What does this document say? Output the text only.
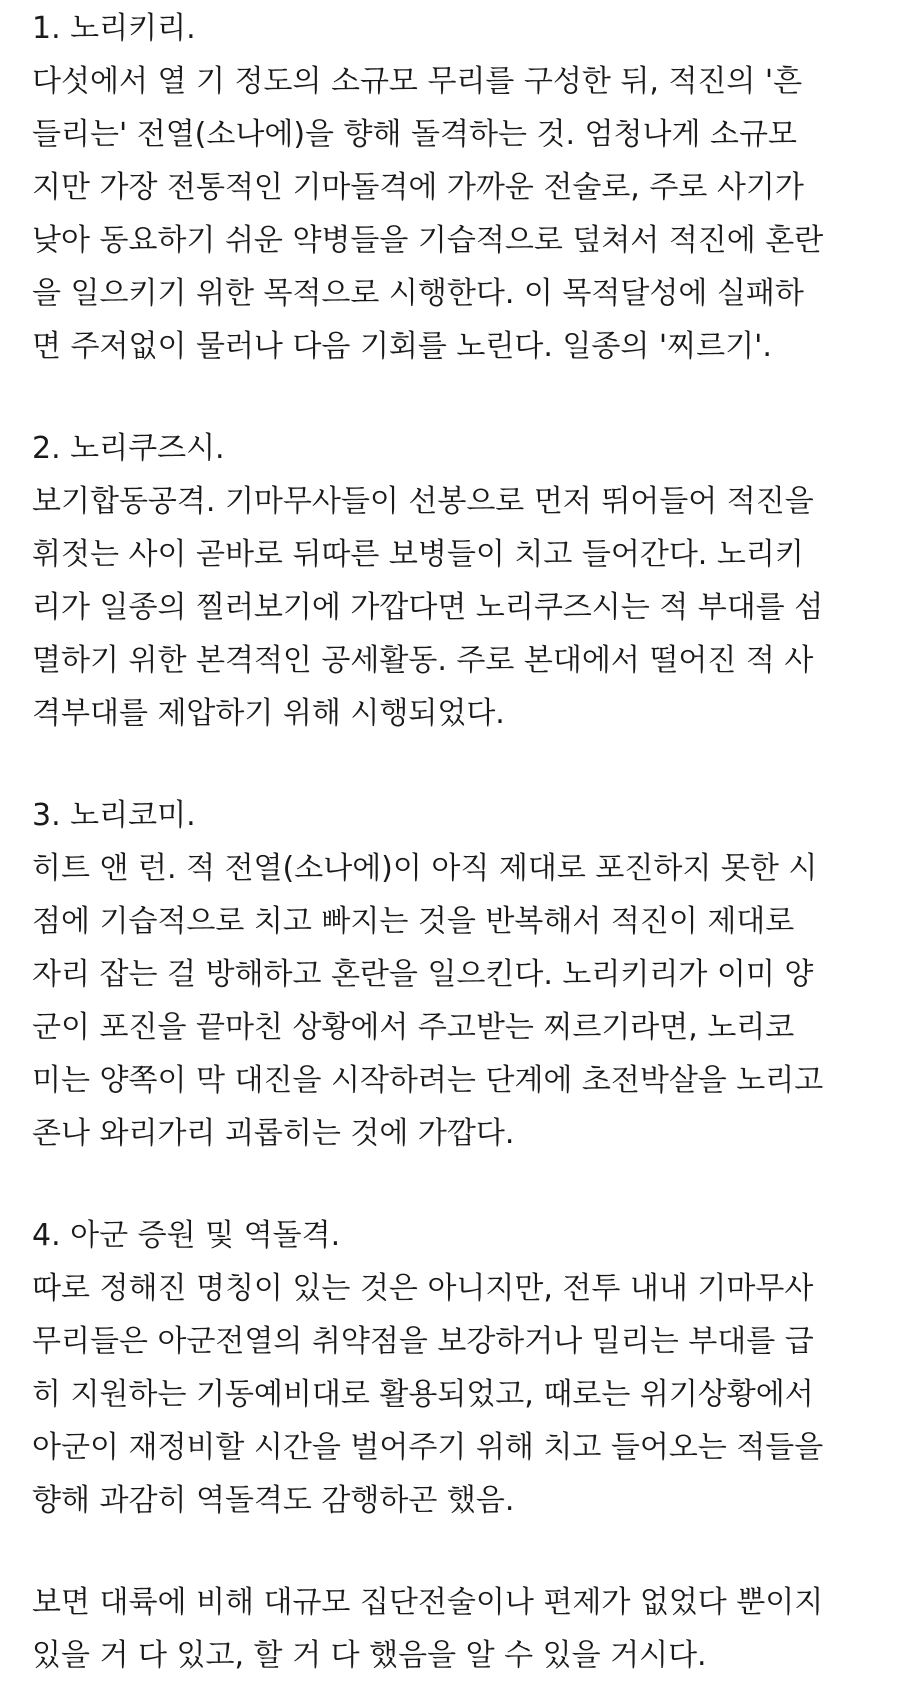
1. 노리키리.
다섯에서 열 기 정도의 소규모 무리를 구성한 뒤, 적진의 '흔
들리는' 전열(소나에)을 향해 돌격하는 것. 엄청나게 소규모
지만 가장 전통적인 기마돌격에 가까운 전술로, 주로 사기가
낮아 동요하기 쉬운 약병들을 기습적으로 덮쳐서 적진에 혼란
을 일으키기 위한 목적으로 시행한다. 이 목적달성에 실패하
면 주저없이 물러나 다음 기회를 노린다. 일종의 '찌르기'.
2. 노리쿠즈시.
보기합동공격. 기마무사들이 선봉으로 먼저 뛰어들어 적진을
휘젓는 사이 곧바로 뒤따른 보병들이 치고 들어간다. 노리키
리가 일종의 찔러보기에 가깝다면 노리쿠즈시는 적 부대를 섬
멸하기 위한 본격적인 공세활동. 주로 본대에서 떨어진 적 사
격부대를 제압하기 위해 시행되었다.
3. 노리코미.
히트 앤 런. 적 전열(소나에)이 아직 제대로 포진하지 못한 시
점에 기습적으로 치고 빠지는 것을 반복해서 적진이 제대로
자리 잡는 걸 방해하고 혼란을 일으킨다. 노리키리가 이미 양
군이 포진을 끝마친 상황에서 주고받는 찌르기라면, 노리코
미는 양쪽이 막 대진을 시작하려는 단계에 초전박살을 노리고
존나 와리가리 괴롭히는 것에 가깝다.
4. 아군 증원 및 역돌격.
따로 정해진 명칭이 있는 것은 아니지만, 전투 내내 기마무사
무리들은 아군전열의 취약점을 보강하거나 밀리는 부대를 급
히 지원하는 기동예비대로 활용되었고, 때로는 위기상황에서
아군이 재정비할 시간을 벌어주기 위해 치고 들어오는 적들을
향해 과감히 역돌격도 감행하곤 했음.
보면 대륙에 비해 대규모 집단전술이나 편제가 없었다 뿐이지
있을 거 다 있고, 할 거 다 했음을 알 수 있을 거시다.
